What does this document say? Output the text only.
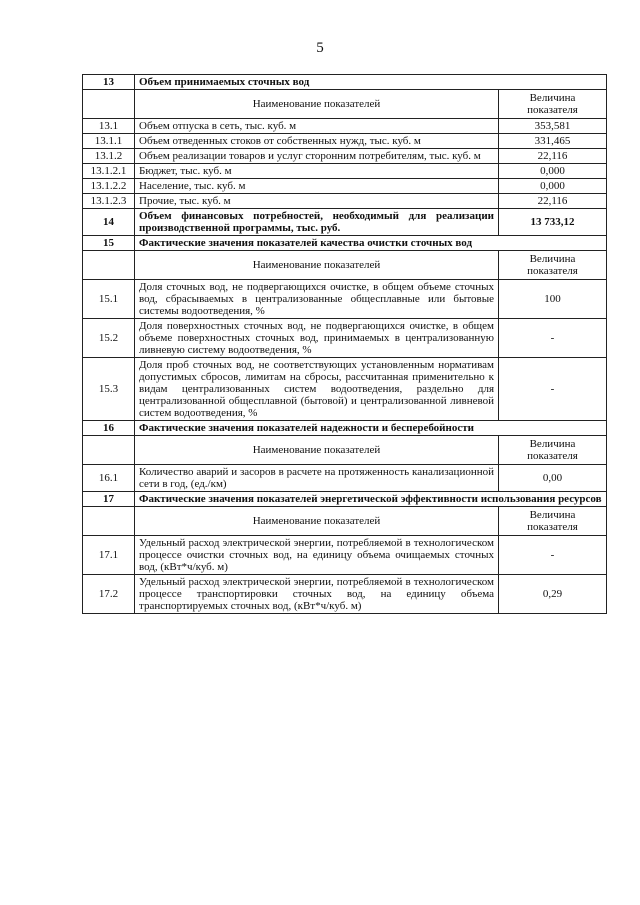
5
13	Объем принимаемых сточных вод	
	Наименование показателей	Величина показателя
13.1	Объем отпуска в сеть, тыс. куб. м	353,581
13.1.1	Объем отведенных стоков от собственных нужд, тыс. куб. м	331,465
13.1.2	Объем реализации товаров и услуг сторонним потребителям, тыс. куб. м	22,116
13.1.2.1	Бюджет, тыс. куб. м	0,000
13.1.2.2	Население, тыс. куб. м	0,000
13.1.2.3	Прочие, тыс. куб. м	22,116
14	Объем финансовых потребностей, необходимый для реализации производственной программы, тыс. руб.	13 733,12
15	Фактические значения показателей качества очистки сточных вод	
	Наименование показателей	Величина показателя
15.1	Доля сточных вод, не подвергающихся очистке, в общем объеме сточных вод, сбрасываемых в централизованные общесплавные или бытовые системы водоотведения, %	100
15.2	Доля поверхностных сточных вод, не подвергающихся очистке, в общем объеме поверхностных сточных вод, принимаемых в централизованную ливневую систему водоотведения, %	-
15.3	Доля проб сточных вод, не соответствующих установленным нормативам допустимых сбросов, лимитам на сбросы, рассчитанная применительно к видам централизованных систем водоотведения, раздельно для централизованной общесплавной (бытовой) и централизованной ливневой систем водоотведения, %	-
16	Фактические значения показателей надежности и бесперебойности	
	Наименование показателей	Величина показателя
16.1	Количество аварий и засоров в расчете на протяженность канализационной сети в год, (ед./км)	0,00
17	Фактические значения показателей энергетической эффективности использования ресурсов	
	Наименование показателей	Величина показателя
17.1	Удельный расход электрической энергии, потребляемой в технологическом процессе очистки сточных вод, на единицу объема очищаемых сточных вод, (кВт*ч/куб. м)	-
17.2	Удельный расход электрической энергии, потребляемой в технологическом процессе транспортировки сточных вод, на единицу объема транспортируемых сточных вод, (кВт*ч/куб. м)	0,29
